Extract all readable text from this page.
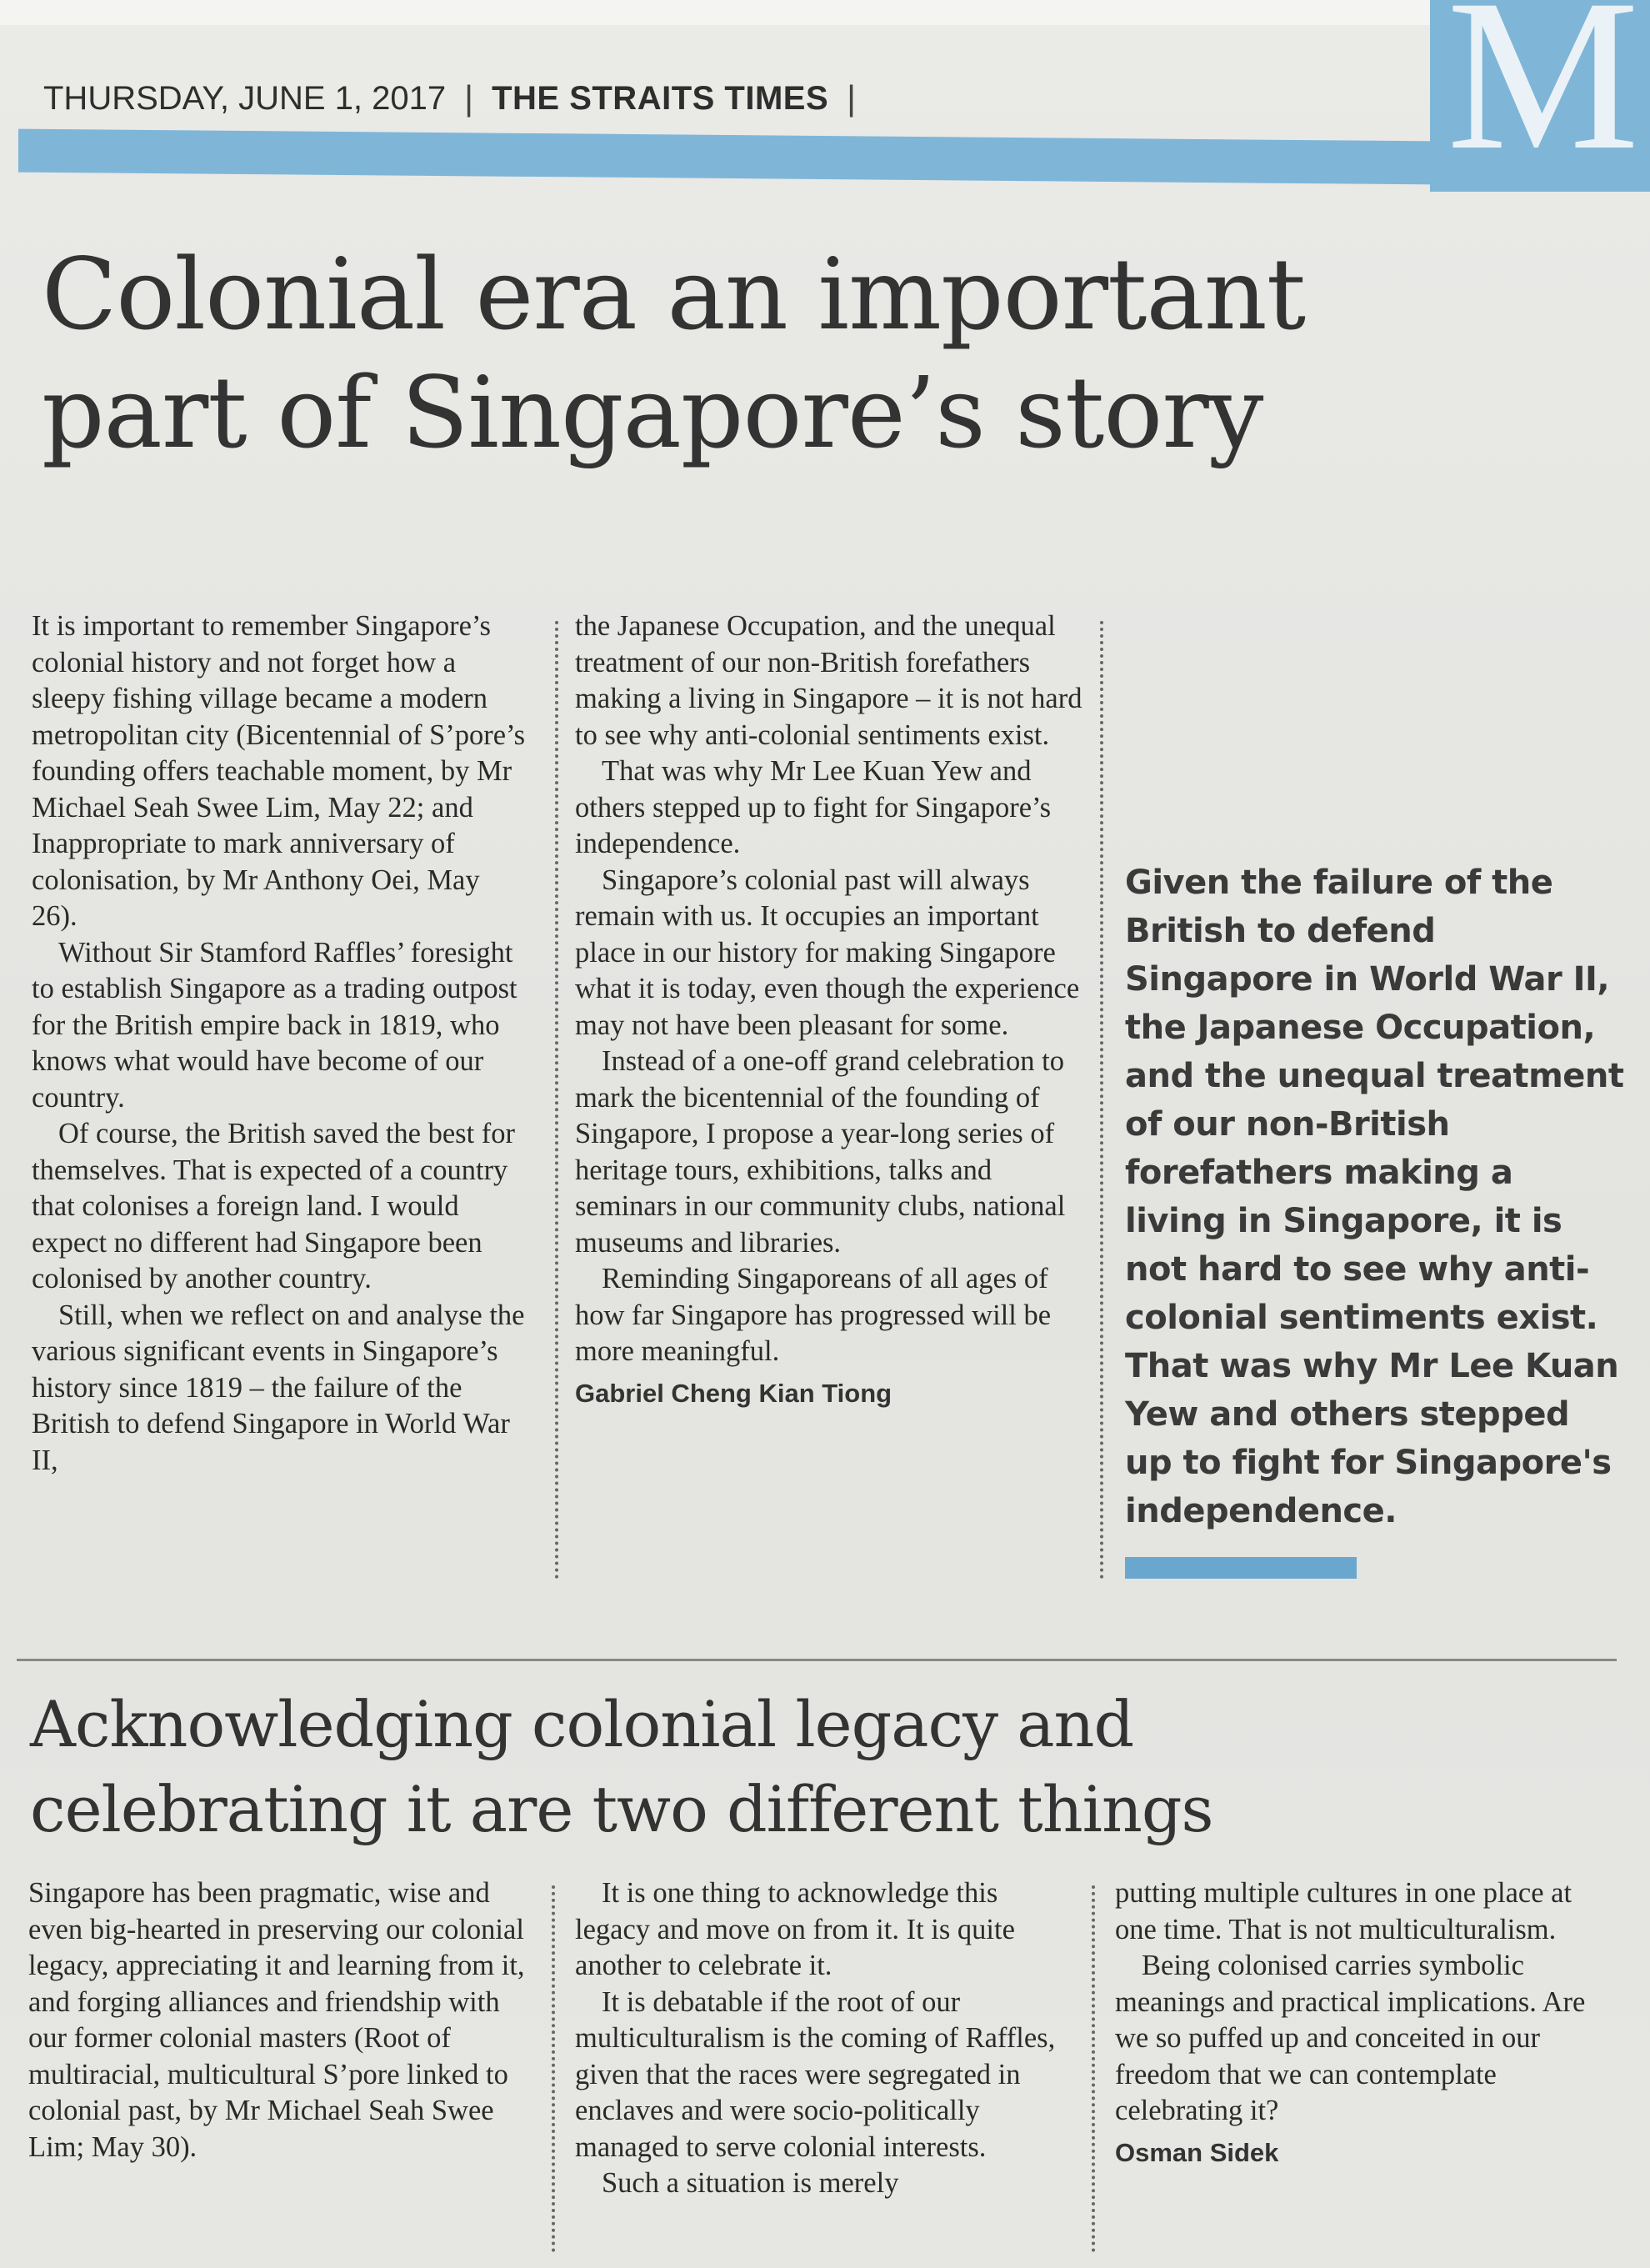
M
THURSDAY, JUNE 1, 2017 | THE STRAITS TIMES |
Colonial era an important
part of Singapore’s story

It is important to remember Singapore’s colonial history and not forget how a sleepy fishing village became a modern metropolitan city (Bicentennial of S’pore’s founding offers teachable moment, by Mr Michael Seah Swee Lim, May 22; and Inappropriate to mark anniversary of colonisation, by Mr Anthony Oei, May 26).

Without Sir Stamford Raffles’ foresight to establish Singapore as a trading outpost for the British empire back in 1819, who knows what would have become of our country.

Of course, the British saved the best for themselves. That is expected of a country that colonises a foreign land. I would expect no different had Singapore been colonised by another country.

Still, when we reflect on and analyse the various significant events in Singapore’s history since 1819 – the failure of the British to defend Singapore in World War II,

the Japanese Occupation, and the unequal treatment of our non-British forefathers making a living in Singapore – it is not hard to see why anti-colonial sentiments exist.

That was why Mr Lee Kuan Yew and others stepped up to fight for Singapore’s independence.

Singapore’s colonial past will always remain with us. It occupies an important place in our history for making Singapore what it is today, even though the experience may not have been pleasant for some.

Instead of a one-off grand celebration to mark the bicentennial of the founding of Singapore, I propose a year-long series of heritage tours, exhibitions, talks and seminars in our community clubs, national museums and libraries.

Reminding Singaporeans of all ages of how far Singapore has progressed will be more meaningful.

Gabriel Cheng Kian Tiong

Given the failure of the British to defend Singapore in World War II, the Japanese Occupation, and the unequal treatment of our non-British forefathers making a living in Singapore, it is not hard to see why anti-colonial sentiments exist. That was why Mr Lee Kuan Yew and others stepped up to fight for Singapore's independence.

Acknowledging colonial legacy and
celebrating it are two different things

Singapore has been pragmatic, wise and even big-hearted in preserving our colonial legacy, appreciating it and learning from it, and forging alliances and friendship with our former colonial masters (Root of multiracial, multicultural S’pore linked to colonial past, by Mr Michael Seah Swee Lim; May 30).

It is one thing to acknowledge this legacy and move on from it. It is quite another to celebrate it.

It is debatable if the root of our multiculturalism is the coming of Raffles, given that the races were segregated in enclaves and were socio-politically managed to serve colonial interests.

Such a situation is merely

putting multiple cultures in one place at one time. That is not multiculturalism.

Being colonised carries symbolic meanings and practical implications. Are we so puffed up and conceited in our freedom that we can contemplate celebrating it?

Osman Sidek
